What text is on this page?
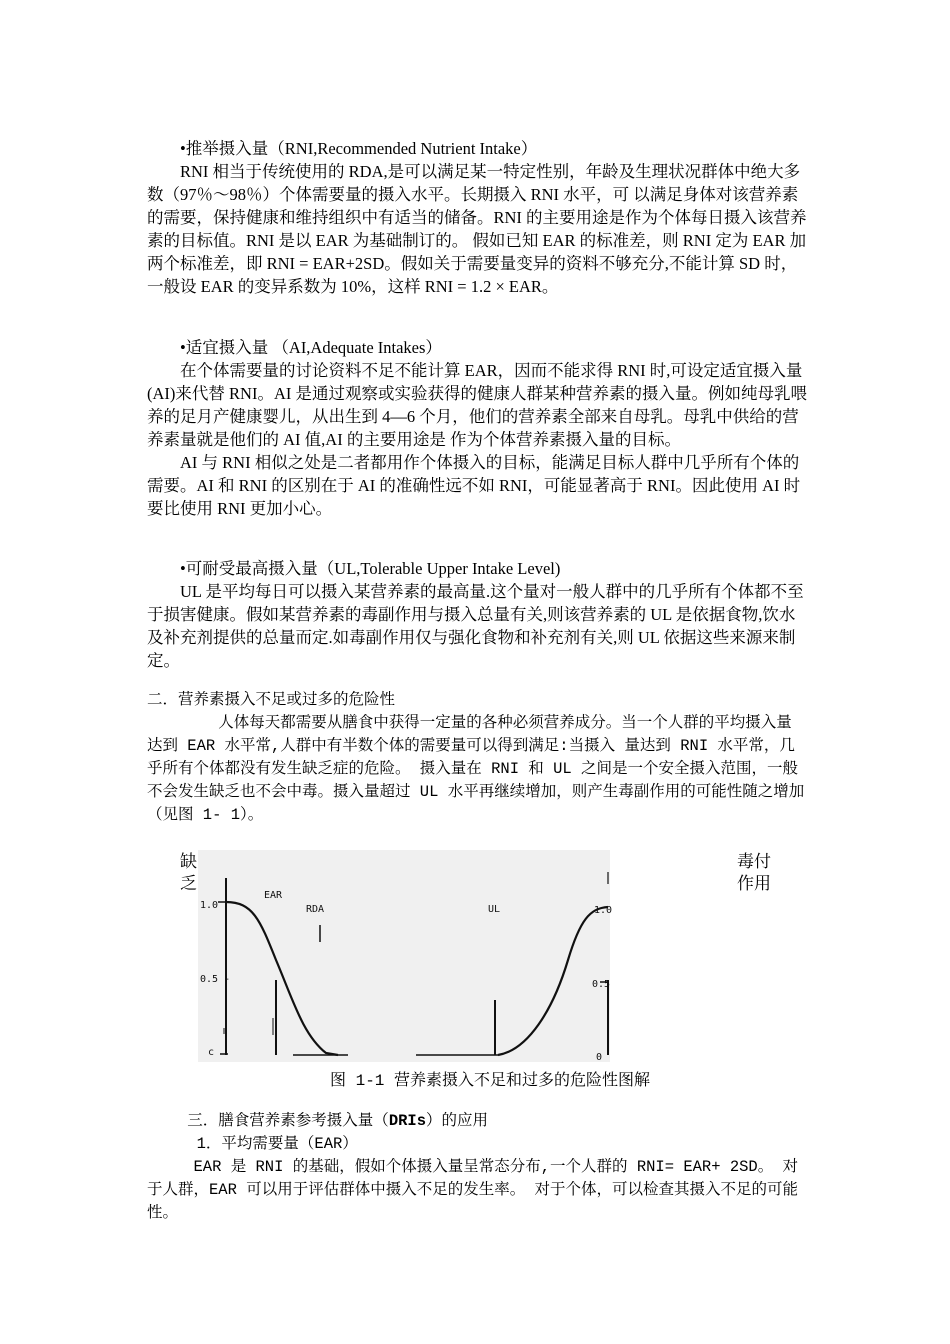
•推举摄入量（RNI,Recommended Nutrient Intake）

RNI 相当于传统使用的 RDA,是可以满足某一特定性别，年龄及生理状况群体中绝大多数（97％～98％）个体需要量的摄入水平。长期摄入 RNI 水平，可 以满足身体对该营养素的需要，保持健康和维持组织中有适当的储备。RNI 的主要用途是作为个体每日摄入该营养素的目标值。RNI 是以 EAR 为基础制订的。 假如已知 EAR 的标准差，则 RNI 定为 EAR 加两个标准差，即 RNI = EAR+2SD。假如关于需要量变异的资料不够充分,不能计算 SD 时，一般设 EAR 的变异系数为 10%，这样 RNI = 1.2 × EAR。

•适宜摄入量 （AI,Adequate Intakes）

在个体需要量的讨论资料不足不能计算 EAR，因而不能求得 RNI 时,可设定适宜摄入量(AI)来代替 RNI。AI 是通过观察或实验获得的健康人群某种营养素的摄入量。例如纯母乳喂养的足月产健康婴儿，从出生到 4—6 个月，他们的营养素全部来自母乳。母乳中供给的营养素量就是他们的 AI 值,AI 的主要用途是 作为个体营养素摄入量的目标。

AI 与 RNI 相似之处是二者都用作个体摄入的目标，能满足目标人群中几乎所有个体的需要。AI 和 RNI 的区别在于 AI 的准确性远不如 RNI，可能显著高于 RNI。因此使用 AI 时要比使用 RNI 更加小心。

•可耐受最高摄入量（UL,Tolerable Upper Intake Level)

UL 是平均每日可以摄入某营养素的最高量.这个量对一般人群中的几乎所有个体都不至于损害健康。假如某营养素的毒副作用与摄入总量有关,则该营养素的 UL 是依据食物,饮水及补充剂提供的总量而定.如毒副作用仅与强化食物和补充剂有关,则 UL 依据这些来源来制定。

二．营养素摄入不足或过多的危险性

人体每天都需要从膳食中获得一定量的各种必须营养成分。当一个人群的平均摄入量达到 EAR 水平常,人群中有半数个体的需要量可以得到满足:当摄入 量达到 RNI 水平常，几乎所有个体都没有发生缺乏症的危险。 摄入量在 RNI 和 UL 之间是一个安全摄入范围，一般不会发生缺乏也不会中毒。摄入量超过 UL 水平再继续增加，则产生毒副作用的可能性随之增加（见图 1- 1）。

缺
乏
毒付
作用
1.0
0.5 -
c
1.0
0.5
0
EAR
RDA	UL
图 1-1 营养素摄入不足和过多的危险性图解

三．膳食营养素参考摄入量（DRIs）的应用

1．平均需要量（EAR）

EAR 是 RNI 的基础，假如个体摄入量呈常态分布,一个人群的 RNI= EAR+ 2SD。 对于人群，EAR 可以用于评估群体中摄入不足的发生率。 对于个体，可以检查其摄入不足的可能性。
